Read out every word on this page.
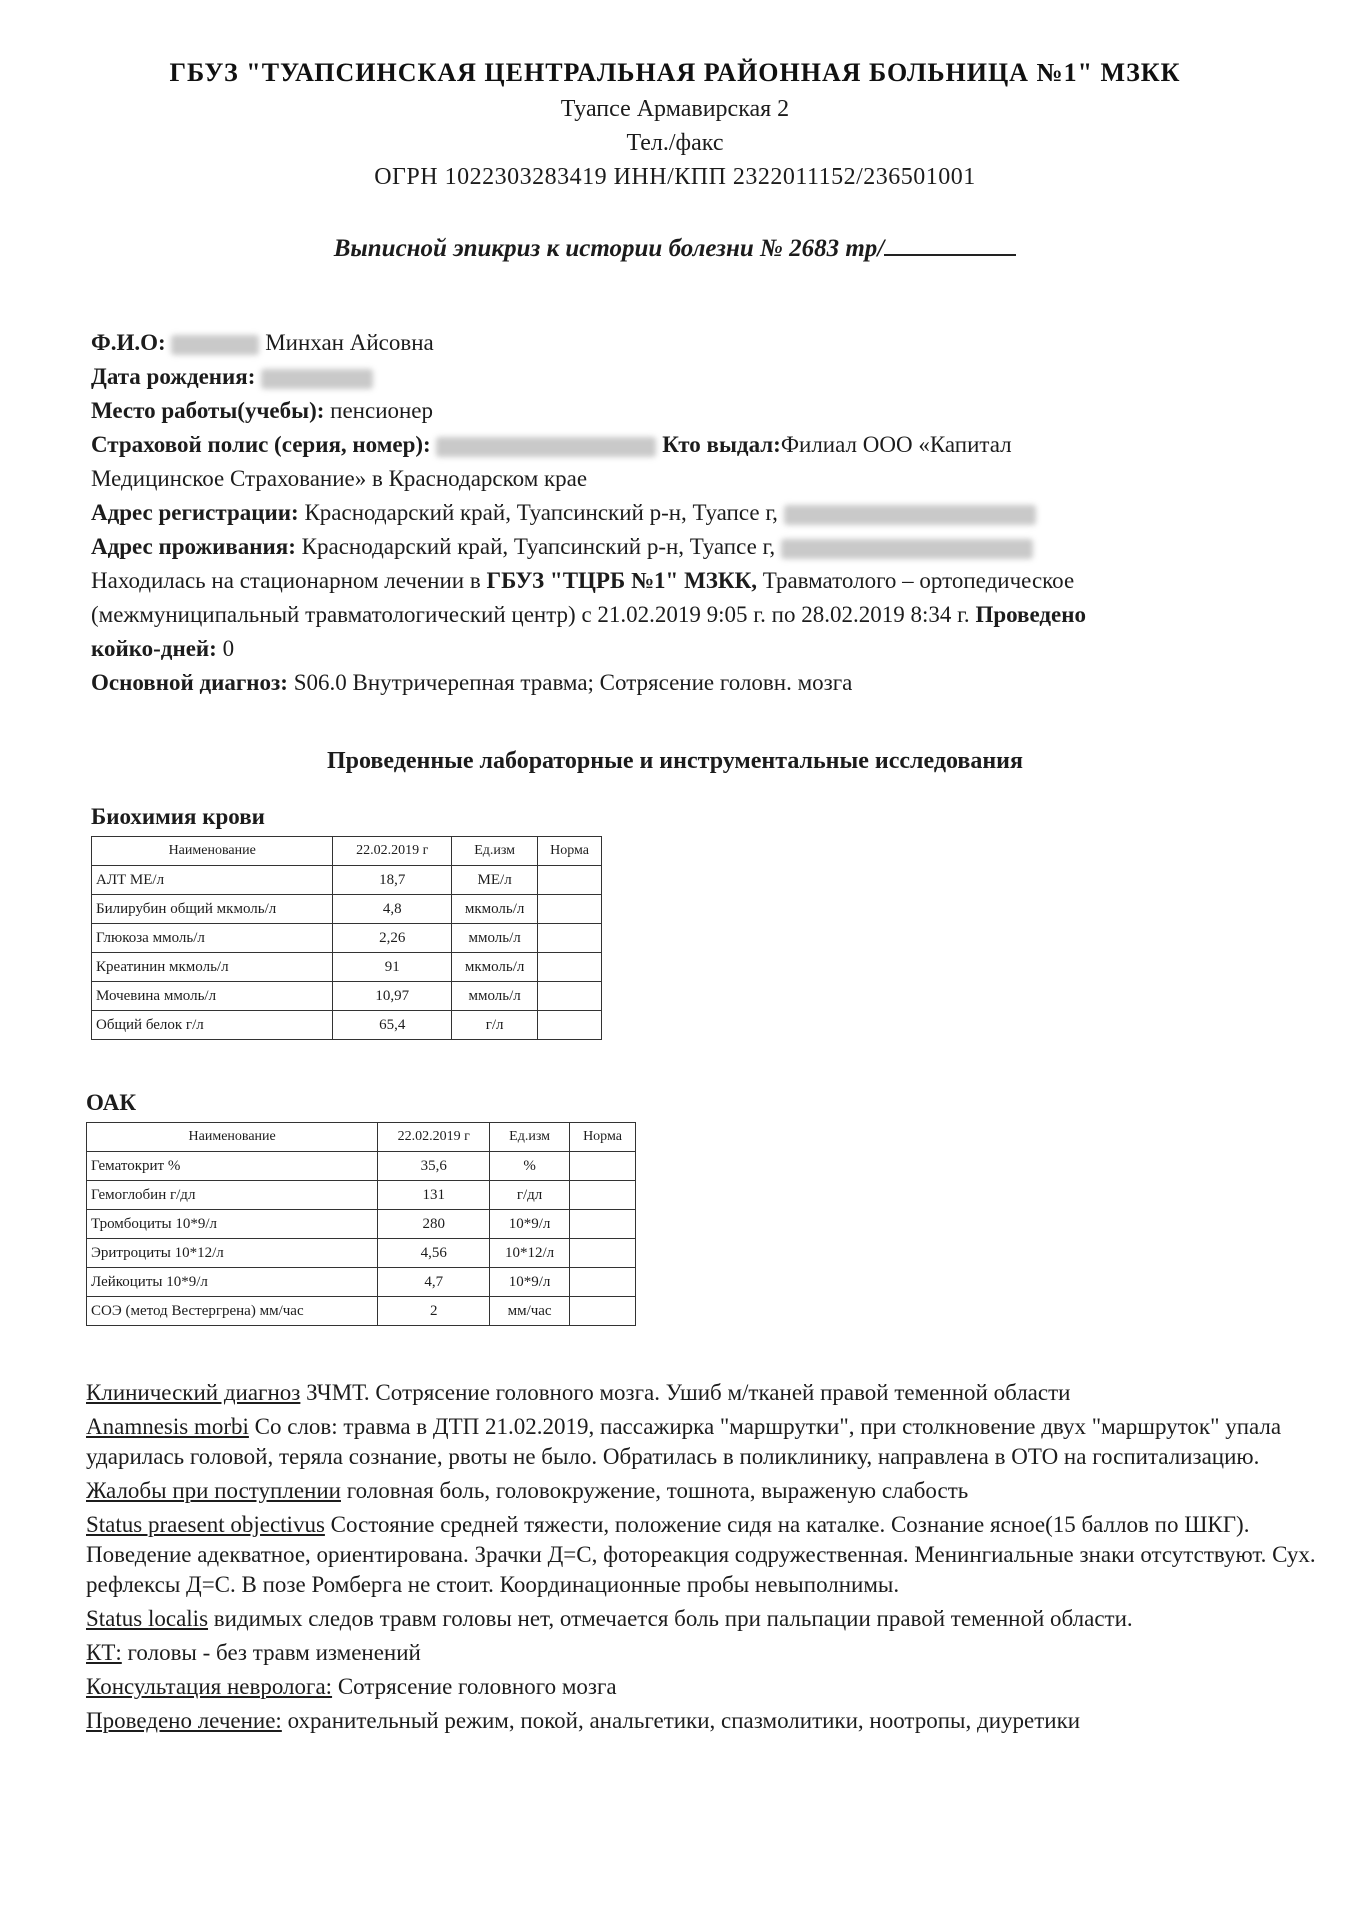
ГБУЗ "ТУАПСИНСКАЯ ЦЕНТРАЛЬНАЯ РАЙОННАЯ БОЛЬНИЦА №1" МЗКК
Туапсе Армавирская 2
Тел./факс
ОГРН 1022303283419 ИНН/КПП 2322011152/236501001
Выписной эпикриз к истории болезни № 2683 тр/
Ф.И.О:	Минхан Айсовна
Дата рождения:
Место работы(учебы): пенсионер
Страховой полис (серия, номер):	Кто выдал:Филиал ООО «Капитал
Медицинское Страхование» в Краснодарском крае
Адрес регистрации: Краснодарский край, Туапсинский р-н, Туапсе г,
Адрес проживания: Краснодарский край, Туапсинский р-н, Туапсе г,
Находилась на стационарном лечении в ГБУЗ "ТЦРБ №1" МЗКК, Травматолого – ортопедическое
(межмуниципальный травматологический центр) с 21.02.2019 9:05 г. по 28.02.2019 8:34 г. Проведено
койко-дней: 0
Основной диагноз: S06.0 Внутричерепная травма; Сотрясение головн. мозга
Проведенные лабораторные и инструментальные исследования
Биохимия крови
Наименование	22.02.2019 г	Ед.изм	Норма
АЛТ МЕ/л	18,7	МЕ/л	
Билирубин общий мкмоль/л	4,8	мкмоль/л	
Глюкоза ммоль/л	2,26	ммоль/л	
Креатинин мкмоль/л	91	мкмоль/л	
Мочевина ммоль/л	10,97	ммоль/л	
Общий белок г/л	65,4	г/л	
ОАК
Наименование	22.02.2019 г	Ед.изм	Норма
Гематокрит %	35,6	%	
Гемоглобин г/дл	131	г/дл	
Тромбоциты 10*9/л	280	10*9/л	
Эритроциты 10*12/л	4,56	10*12/л	
Лейкоциты 10*9/л	4,7	10*9/л	
СОЭ (метод Вестергрена) мм/час	2	мм/час	

Клинический диагноз ЗЧМТ. Сотрясение головного мозга. Ушиб м/тканей правой теменной области

Anamnesis morbi Со слов: травма в ДТП 21.02.2019, пассажирка "маршрутки", при столкновение двух "маршруток" упала ударилась головой, теряла сознание, рвоты не было. Обратилась в поликлинику, направлена в ОТО на госпитализацию.

Жалобы при поступлении головная боль, головокружение, тошнота, выраженую слабость

Status praesent objectivus Состояние средней тяжести, положение сидя на каталке. Сознание ясное(15 баллов по ШКГ). Поведение адекватное, ориентирована. Зрачки Д=С, фотореакция содружественная. Менингиальные знаки отсутствуют. Сух. рефлексы Д=С. В позе Ромберга не стоит. Координационные пробы невыполнимы.

Status localis видимых следов травм головы нет, отмечается боль при пальпации правой теменной области.

КТ: головы - без травм изменений

Консультация невролога: Сотрясение головного мозга

Проведено лечение: охранительный режим, покой, анальгетики, спазмолитики, ноотропы, диуретики
